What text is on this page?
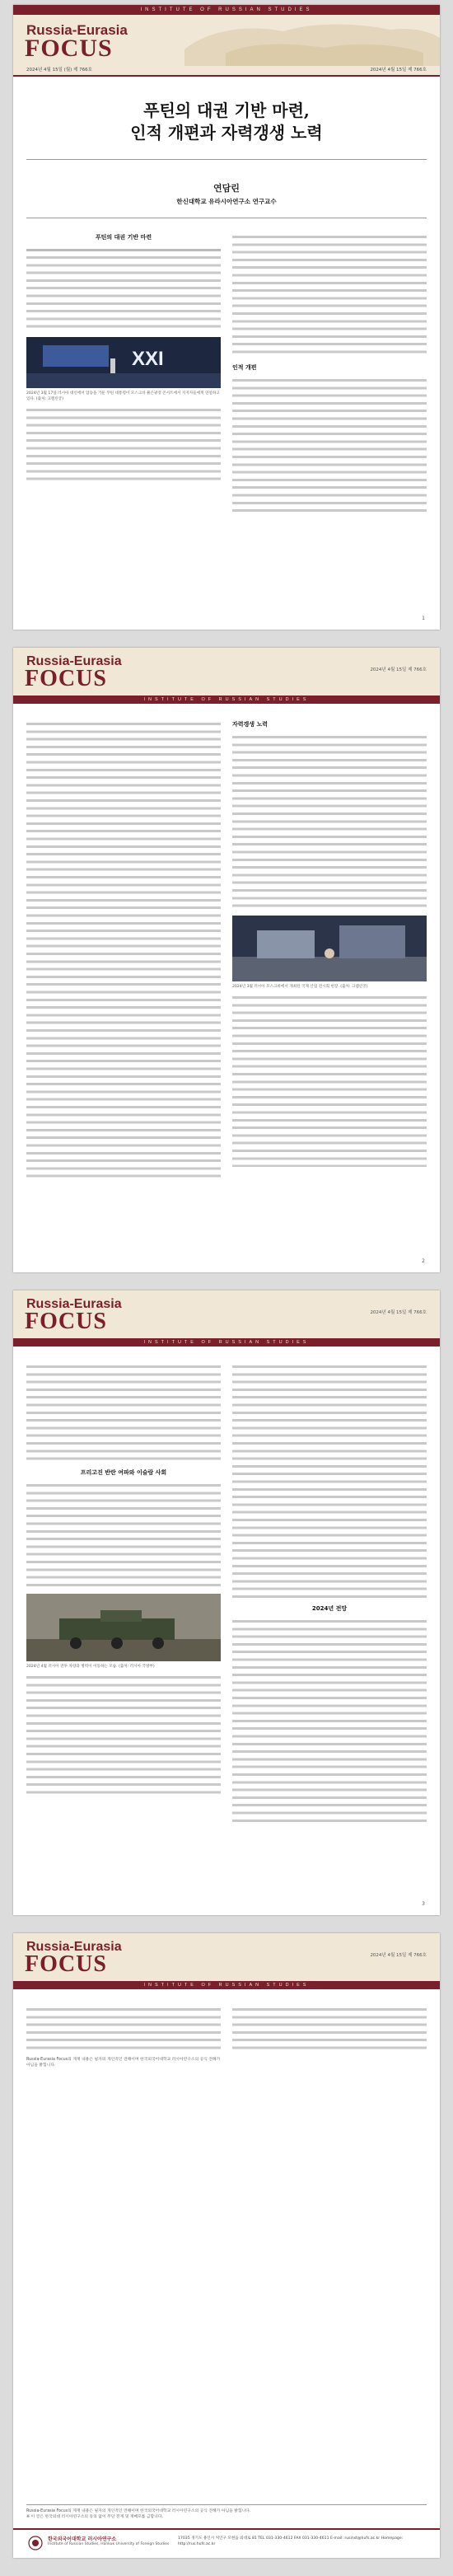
INSTITUTE OF RUSSIAN STUDIES
Russia-Eurasia
FOCUS
2024년 4월 15일 (월) 제 766호	2024년 4월 15일 제 766호
푸틴의 대권 기반 마련,
인적 개편과 자력갱생 노력
연담린
한신대학교 유라시아연구소 연구교수
푸틴의 대권 기반 마련
XXI
2024년 3월 17일 러시아 대선에서 압승을 거둔 푸틴 대통령이 모스크바 붉은광장 콘서트에서 지지자들에게 연설하고 있다. (출처: 크렘린궁)
인적 개편
1
Russia-Eurasia
FOCUS	2024년 4월 15일 제 766호
INSTITUTE OF RUSSIAN STUDIES
자력갱생 노력
2024년 3월 러시아 모스크바에서 개최된 국제 산업 전시회 현장. (출처: 크렘린궁)
2
Russia-Eurasia
FOCUS	2024년 4월 15일 제 766호
INSTITUTE OF RUSSIAN STUDIES
프리고진 반란 여파와 이슬람 사회
2024년 4월 러시아 전투 차량과 병력이 이동하는 모습. (출처: 러시아 국방부)
2024년 전망
3
Russia-Eurasia
FOCUS	2024년 4월 15일 제 766호
INSTITUTE OF RUSSIAN STUDIES
Russia-Eurasia Focus의 게재 내용은 필자의 개인적인 견해이며 한국외국어대학교 러시아연구소의 공식 견해가 아님을 밝힙니다.
Russia-Eurasia Focus의 게재 내용은 필자의 개인적인 견해이며 한국외국어대학교 러시아연구소의 공식 견해가 아님을 밝힙니다.
※ 이 글은 한국외대 러시아연구소의 동의 없이 무단 전재 및 재배포를 금합니다.
한국외국어대학교 러시아연구소
Institute of Russian Studies, Hankuk University of Foreign Studies
17035 경기도 용인시 처인구 모현읍 외대로 81 TEL 031-330-4612 FAX 031-330-4611 E-mail: rusinst@hufs.ac.kr Homepage: http://rus.hufs.ac.kr
